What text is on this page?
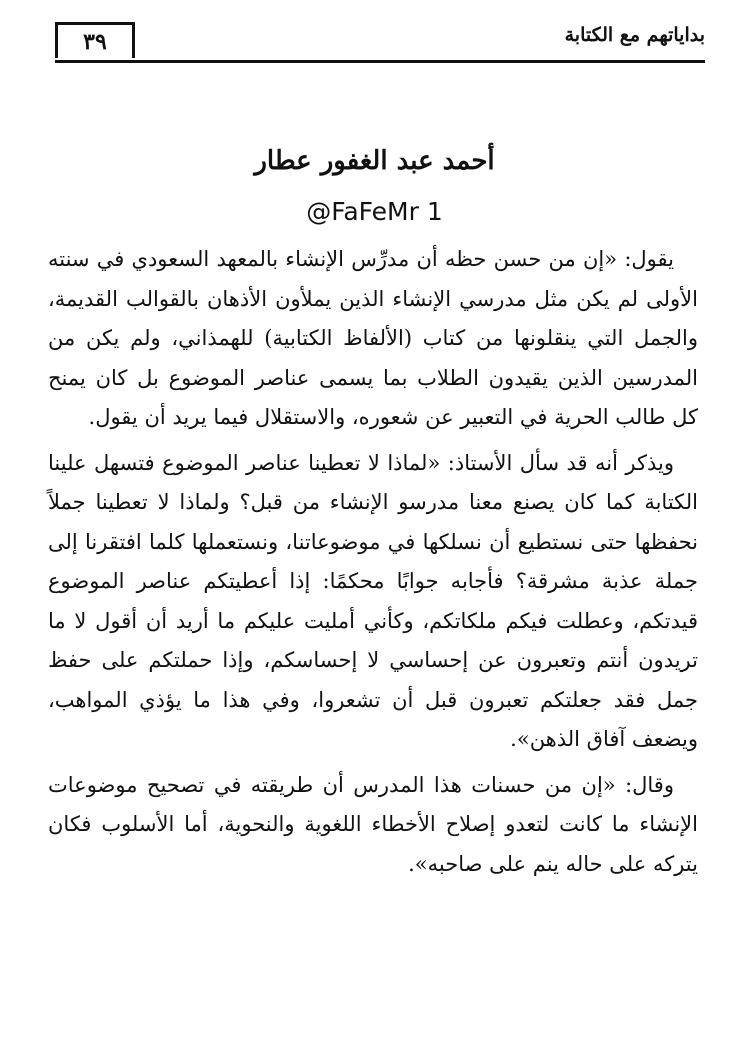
٣٩	بداياتهم مع الكتابة
أحمد عبد الغفور عطار
@FaFeMr 1

يقول: «إن من حسن حظه أن مدرِّس الإنشاء بالمعهد السعودي في سنته الأولى لم يكن مثل مدرسي الإنشاء الذين يملأون الأذهان بالقوالب القديمة، والجمل التي ينقلونها من كتاب (الألفاظ الكتابية) للهمذاني، ولم يكن من المدرسين الذين يقيدون الطلاب بما يسمى عناصر الموضوع بل كان يمنح كل طالب الحرية في التعبير عن شعوره، والاستقلال فيما يريد أن يقول.

ويذكر أنه قد سأل الأستاذ: «لماذا لا تعطينا عناصر الموضوع فتسهل علينا الكتابة كما كان يصنع معنا مدرسو الإنشاء من قبل؟ ولماذا لا تعطينا جملاً نحفظها حتى نستطيع أن نسلكها في موضوعاتنا، ونستعملها كلما افتقرنا إلى جملة عذبة مشرقة؟ فأجابه جوابًا محكمًا: إذا أعطيتكم عناصر الموضوع قيدتكم، وعطلت فيكم ملكاتكم، وكأني أمليت عليكم ما أريد أن أقول لا ما تريدون أنتم وتعبرون عن إحساسي لا إحساسكم، وإذا حملتكم على حفظ جمل فقد جعلتكم تعبرون قبل أن تشعروا، وفي هذا ما يؤذي المواهب، ويضعف آفاق الذهن».

وقال: «إن من حسنات هذا المدرس أن طريقته في تصحيح موضوعات الإنشاء ما كانت لتعدو إصلاح الأخطاء اللغوية والنحوية، أما الأسلوب فكان يتركه على حاله ينم على صاحبه».
